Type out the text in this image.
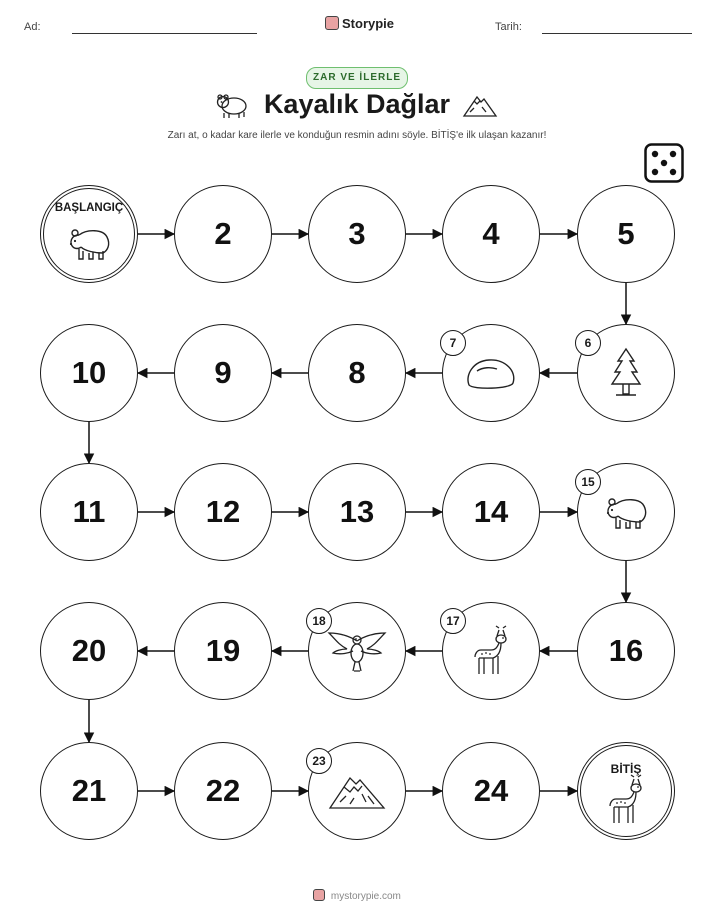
Ad:	Storypie	Tarih:
ZAR VE İLERLE
Kayalık Dağlar
Zarı at, o kadar kare ilerle ve konduğun resmin adını söyle. BİTİŞ'e ilk ulaşan kazanır!
BAŞLANGIÇ
2	3	4	5
6
7
8
9
10
11	12	13	14
15
16
17
18
19
20
21	22
23
24
BİTİŞ
mystorypie.com
